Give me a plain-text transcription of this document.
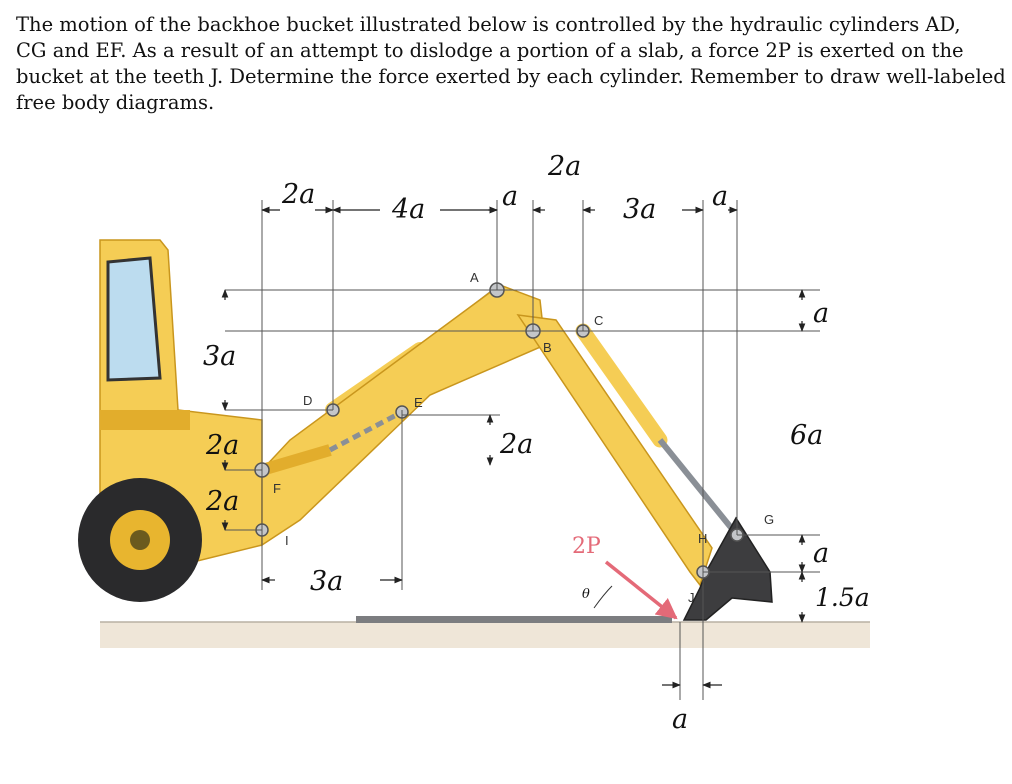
The motion of the backhoe bucket illustrated below is controlled by the hydraulic cylinders AD,
CG and EF. As a result of an attempt to dislodge a portion of a slab, a force 2P is exerted on the
bucket at the teeth J. Determine the force exerted by each cylinder. Remember to draw well-labeled
free body diagrams.
2a	4a	a
2a
3a a
3a
2a
2a
2a
3a
a
a
6a
a
1.5a
A
B
C
D	E
F
G
H
I
J
2P
θ
